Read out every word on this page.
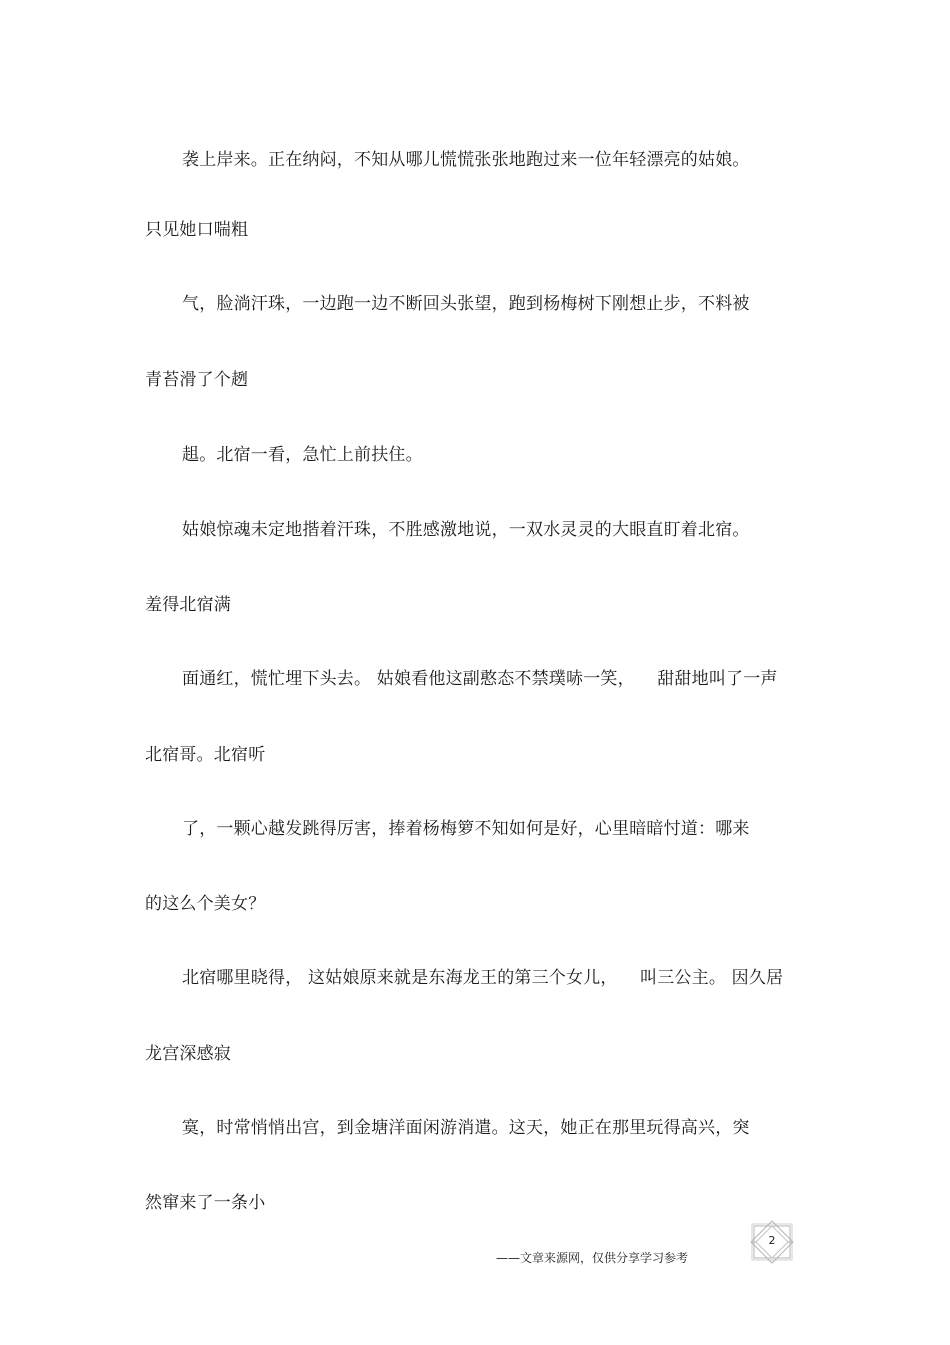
袭上岸来。正在纳闷，不知从哪儿慌慌张张地跑过来一位年轻漂亮的姑娘。
只见她口喘粗
气，脸淌汗珠，一边跑一边不断回头张望，跑到杨梅树下刚想止步，不料被
青苔滑了个趔
趄。北宿一看，急忙上前扶住。
姑娘惊魂未定地揩着汗珠，不胜感激地说，一双水灵灵的大眼直盯着北宿。
羞得北宿满
面通红，慌忙埋下头去。 姑娘看他这副憨态不禁璞哧一笑，    甜甜地叫了一声
北宿哥。北宿听
了，一颗心越发跳得厉害，捧着杨梅箩不知如何是好，心里暗暗忖道：哪来
的这么个美女？
北宿哪里晓得， 这姑娘原来就是东海龙王的第三个女儿，    叫三公主。 因久居
龙宫深感寂
寞，时常悄悄出宫，到金塘洋面闲游消遣。这天，她正在那里玩得高兴，突
然窜来了一条小
——文章来源网，仅供分享学习参考
2
